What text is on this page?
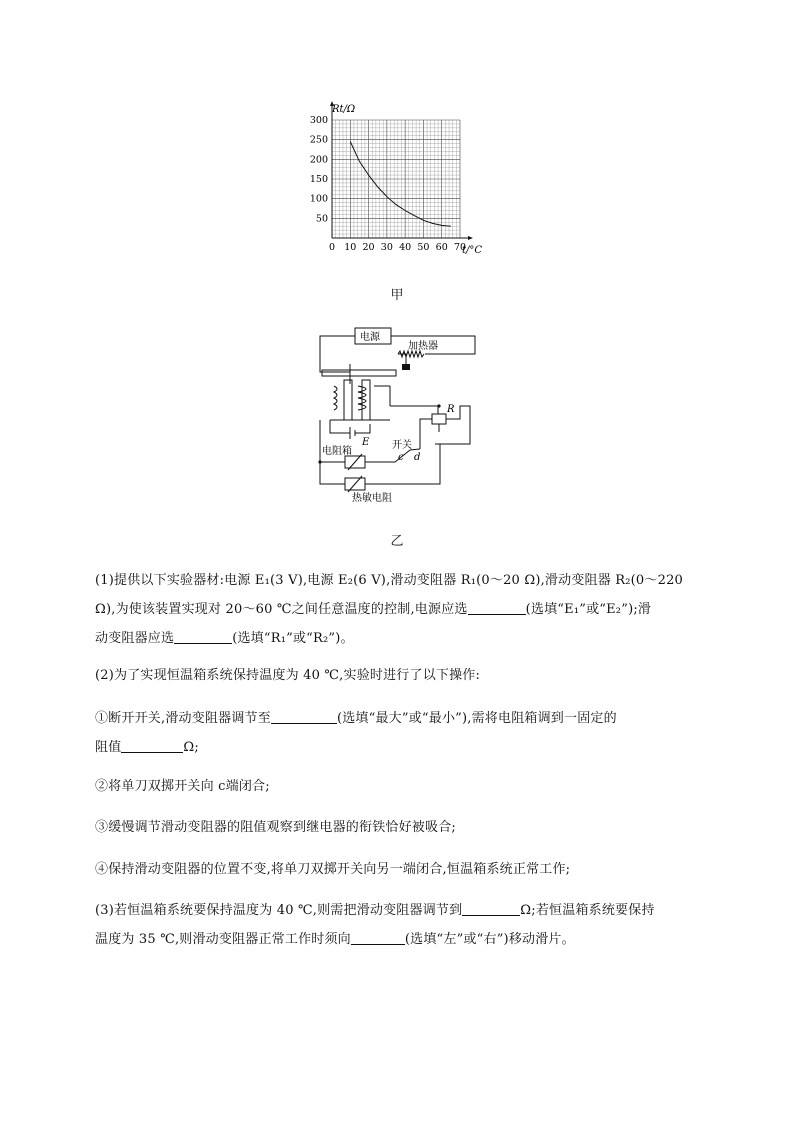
0 10 20 30 40 50 60 70
50
100
150
200
250
300
Rt/Ω
t/°C
甲
电源
加热器
R
E
电阻箱
开关
c d
热敏电阻
乙
(1)提供以下实验器材:电源 E₁(3 V),电源 E₂(6 V),滑动变阻器 R₁(0～20 Ω),滑动变阻器 R₂(0～220
Ω),为使该装置实现对 20～60 ℃之间任意温度的控制,电源应选	(选填“E₁”或“E₂”);滑
动变阻器应选	(选填“R₁”或“R₂”)。
(2)为了实现恒温箱系统保持温度为 40 ℃,实验时进行了以下操作:
①断开开关,滑动变阻器调节至	(选填“最大”或“最小”),需将电阻箱调到一固定的
阻值	Ω;
②将单刀双掷开关向 c端闭合;
③缓慢调节滑动变阻器的阻值观察到继电器的衔铁恰好被吸合;
④保持滑动变阻器的位置不变,将单刀双掷开关向另一端闭合,恒温箱系统正常工作;
(3)若恒温箱系统要保持温度为 40 ℃,则需把滑动变阻器调节到	Ω;若恒温箱系统要保持
温度为 35 ℃,则滑动变阻器正常工作时须向	(选填“左”或“右”)移动滑片。
